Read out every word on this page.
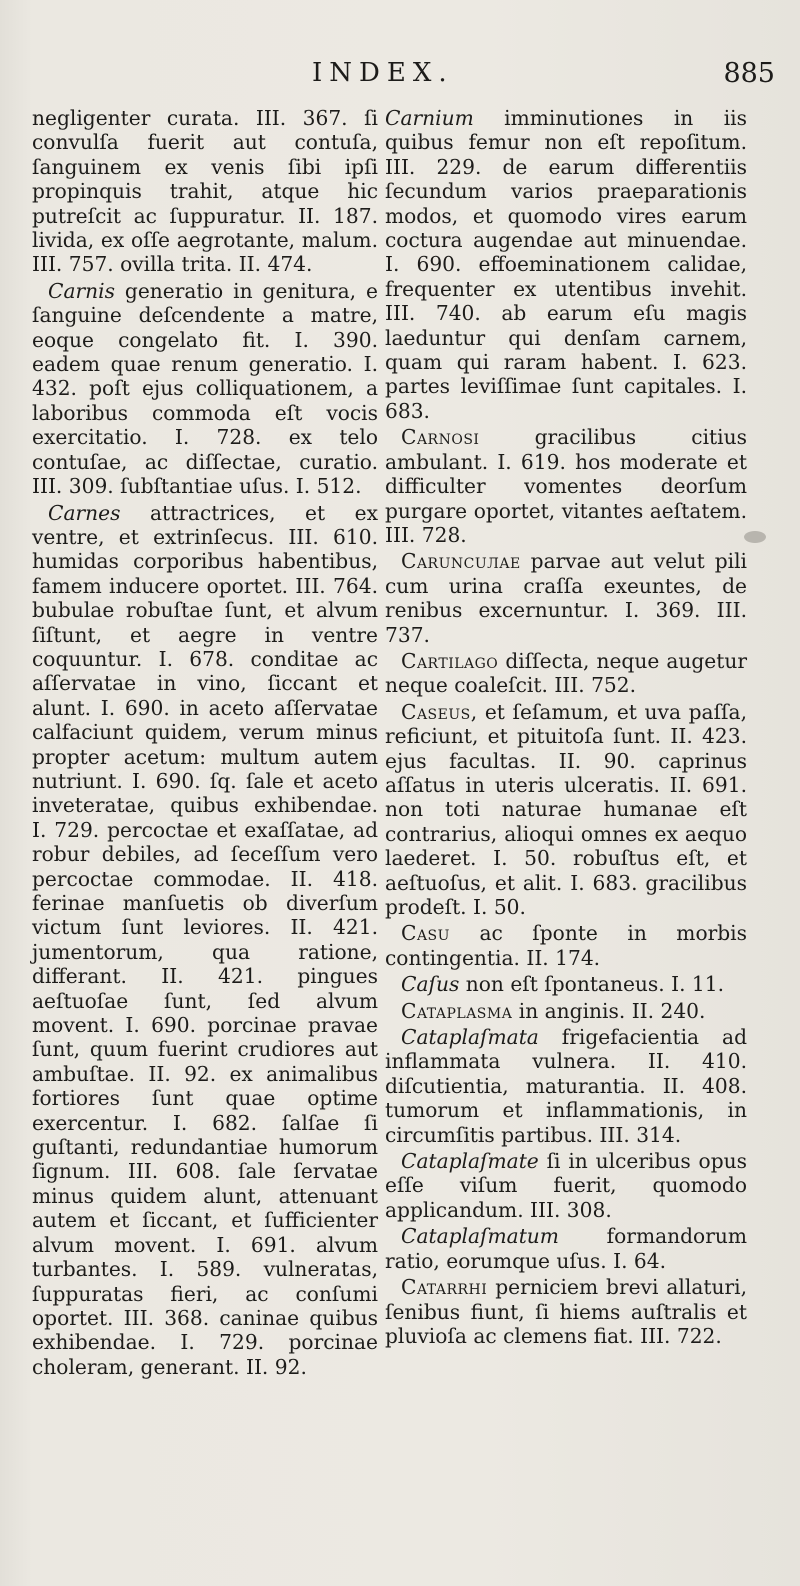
INDEX.	885

negligenter curata. III. 367. ſi convulſa fuerit aut contuſa, ſanguinem ex venis ſibi ipſi propinquis trahit, atque hic putreſcit ac ſuppuratur. II. 187. livida, ex oſſe aegrotante, malum. III. 757. ovilla trita. II. 474.

Carnis generatio in genitura, e ſanguine deſcendente a matre, eoque congelato fit. I. 390. eadem quae renum generatio. I. 432. poſt ejus colliquationem, a laboribus commoda eſt vocis exercitatio. I. 728. ex telo contuſae, ac diſſectae, curatio. III. 309. ſubſtantiae uſus. I. 512.

Carnes attractrices, et ex ventre, et extrinſecus. III. 610. humidas corporibus habentibus, famem inducere oportet. III. 764. bubulae robuſtae ſunt, et alvum ſiſtunt, et aegre in ventre coquuntur. I. 678. conditae ac aſſervatae in vino, ſiccant et alunt. I. 690. in aceto aſſervatae calfaciunt quidem, verum minus propter acetum: multum autem nutriunt. I. 690. ſq. ſale et aceto inveteratae, quibus exhibendae. I. 729. percoctae et exaſſatae, ad robur debiles, ad ſeceſſum vero percoctae commodae. II. 418. ferinae manſuetis ob diverſum victum ſunt leviores. II. 421. jumentorum, qua ratione, differant. II. 421. pingues aeſtuoſae ſunt, ſed alvum movent. I. 690. porcinae pravae ſunt, quum fuerint crudiores aut ambuſtae. II. 92. ex animalibus fortiores ſunt quae optime exercentur. I. 682. ſalſae ſi guſtanti, redundantiae humorum ſignum. III. 608. ſale ſervatae minus quidem alunt, attenuant autem et ſiccant, et ſufficienter alvum movent. I. 691. alvum turbantes. I. 589. vulneratas, ſuppuratas fieri, ac conſumi oportet. III. 368. caninae quibus exhibendae. I. 729. porcinae choleram, generant. II. 92.

Carnium imminutiones in iis quibus femur non eſt repoſitum. III. 229. de earum differentiis ſecundum varios praeparationis modos, et quomodo vires earum coctura augendae aut minuendae. I. 690. effoeminationem calidae, frequenter ex utentibus invehit. III. 740. ab earum eſu magis laeduntur qui denſam carnem, quam qui raram habent. I. 623. partes leviſſimae ſunt capitales. I. 683.

Carnosi gracilibus citius ambulant. I. 619. hos moderate et difficulter vomentes deorſum purgare oportet, vitantes aeſtatem. III. 728.

Caruncuлae parvae aut velut pili cum urina craſſa exeuntes, de renibus excernuntur. I. 369. III. 737.

Cartilago diſſecta, neque augetur neque coaleſcit. III. 752.

Caseus, et ſeſamum, et uva paſſa, reficiunt, et pituitoſa ſunt. II. 423. ejus facultas. II. 90. caprinus aſſatus in uteris ulceratis. II. 691. non toti naturae humanae eſt contrarius, alioqui omnes ex aequo laederet. I. 50. robuſtus eſt, et aeſtuoſus, et alit. I. 683. gracilibus prodeſt. I. 50.

Casu ac ſponte in morbis contingentia. II. 174.

Caſus non eſt ſpontaneus. I. 11.

Cataplasma in anginis. II. 240.

Cataplaſmata frigefacientia ad inflammata vulnera. II. 410. diſcutientia, maturantia. II. 408. tumorum et inflammationis, in circumſitis partibus. III. 314.

Cataplaſmate ſi in ulceribus opus eſſe viſum fuerit, quomodo applicandum. III. 308.

Cataplaſmatum formandorum ratio, eorumque uſus. I. 64.

Catarrhi perniciem brevi allaturi, ſenibus fiunt, ſi hiems auſtralis et pluvioſa ac clemens fiat. III. 722.
